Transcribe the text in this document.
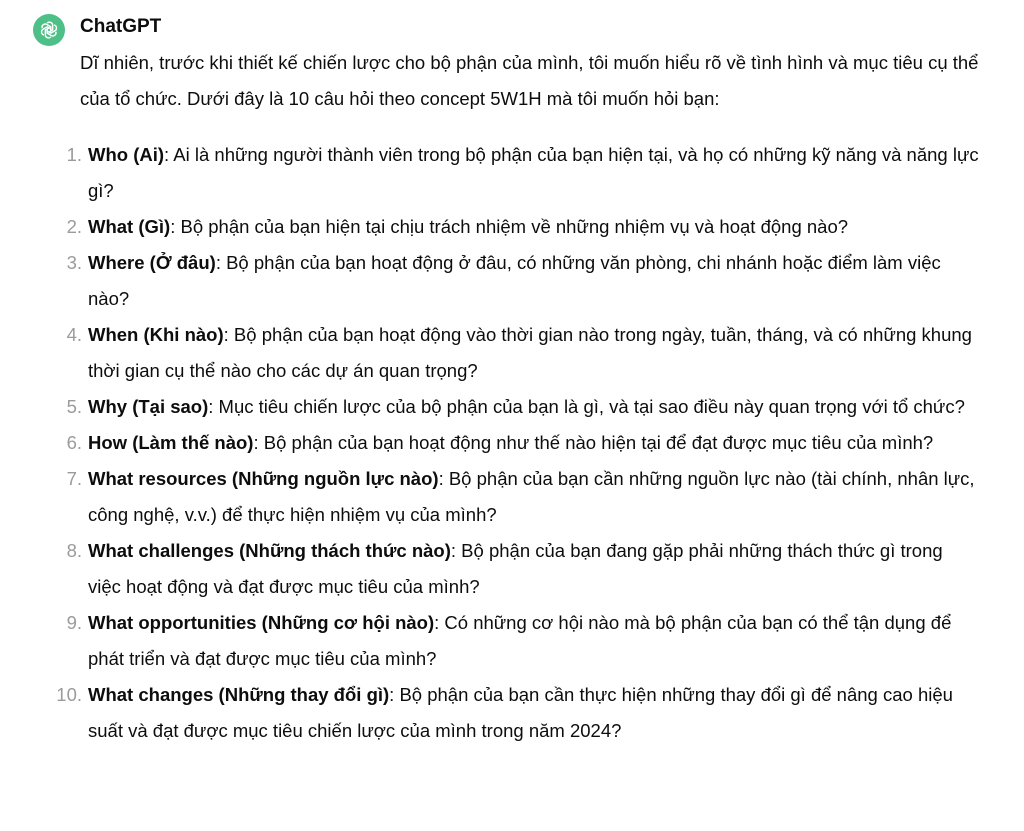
ChatGPT

Dĩ nhiên, trước khi thiết kế chiến lược cho bộ phận của mình, tôi muốn hiểu rõ về tình hình và mục tiêu cụ thể của tổ chức. Dưới đây là 10 câu hỏi theo concept 5W1H mà tôi muốn hỏi bạn:

1. Who (Ai): Ai là những người thành viên trong bộ phận của bạn hiện tại, và họ có những kỹ năng và năng lực gì?
2. What (Gì): Bộ phận của bạn hiện tại chịu trách nhiệm về những nhiệm vụ và hoạt động nào?
3. Where (Ở đâu): Bộ phận của bạn hoạt động ở đâu, có những văn phòng, chi nhánh hoặc điểm làm việc nào?
4. When (Khi nào): Bộ phận của bạn hoạt động vào thời gian nào trong ngày, tuần, tháng, và có những khung thời gian cụ thể nào cho các dự án quan trọng?
5. Why (Tại sao): Mục tiêu chiến lược của bộ phận của bạn là gì, và tại sao điều này quan trọng với tổ chức?
6. How (Làm thế nào): Bộ phận của bạn hoạt động như thế nào hiện tại để đạt được mục tiêu của mình?
7. What resources (Những nguồn lực nào): Bộ phận của bạn cần những nguồn lực nào (tài chính, nhân lực, công nghệ, v.v.) để thực hiện nhiệm vụ của mình?
8. What challenges (Những thách thức nào): Bộ phận của bạn đang gặp phải những thách thức gì trong việc hoạt động và đạt được mục tiêu của mình?
9. What opportunities (Những cơ hội nào): Có những cơ hội nào mà bộ phận của bạn có thể tận dụng để phát triển và đạt được mục tiêu của mình?
10. What changes (Những thay đổi gì): Bộ phận của bạn cần thực hiện những thay đổi gì để nâng cao hiệu suất và đạt được mục tiêu chiến lược của mình trong năm 2024?
